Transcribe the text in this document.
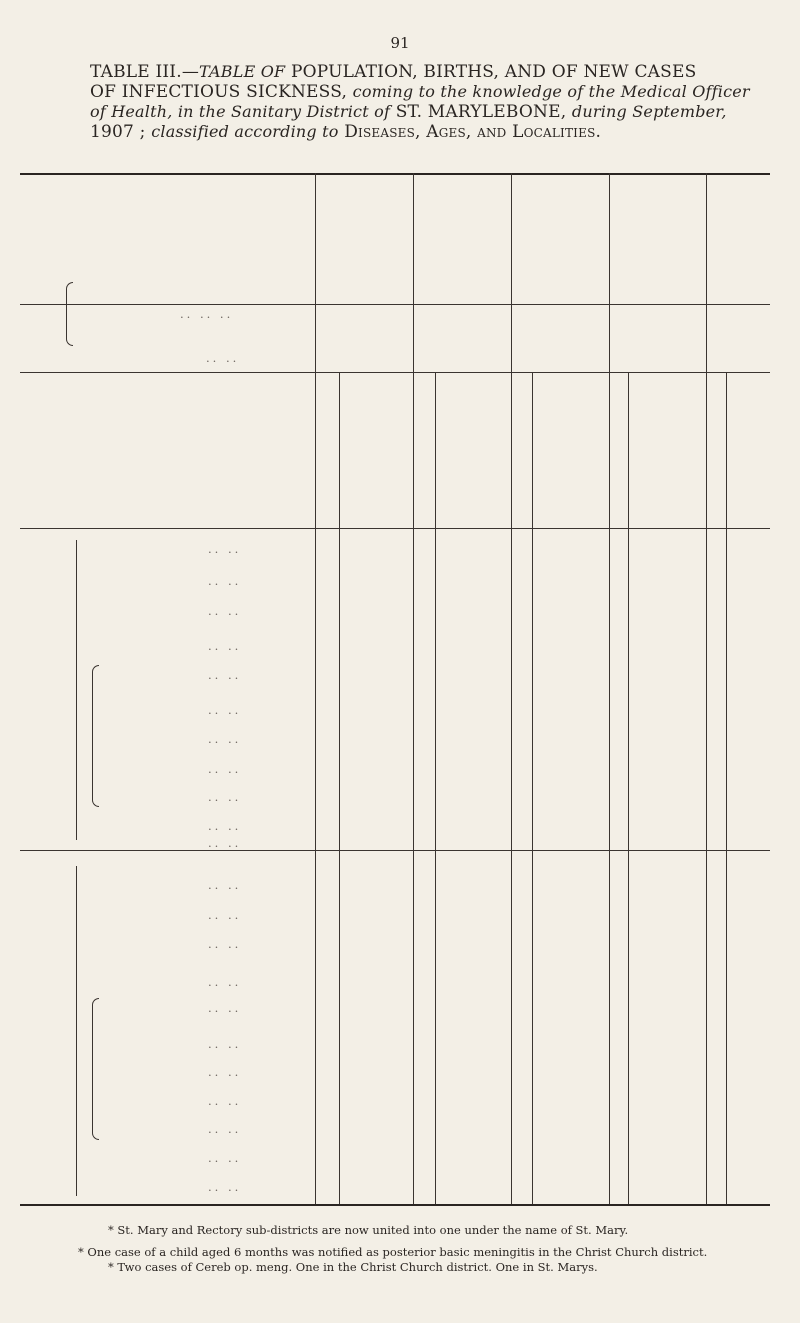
91
TABLE III.—TABLE OF POPULATION, BIRTHS, AND OF NEW CASES
OF INFECTIOUS SICKNESS, coming to the knowledge of the Medical Officer
of Health, in the Sanitary District of ST. MARYLEBONE, during September,
1907 ; classified according to Diseases, Ages, and Localities.
.. .. ..
.. ..
.. ..
.. ..
.. ..
.. ..
.. ..
.. ..
.. ..
.. ..
.. ..
.. ..
.. ..
.. ..
.. ..
.. ..
.. ..
.. ..
.. ..
.. ..
.. ..
.. ..
.. ..
.. ..
* St. Mary and Rectory sub-districts are now united into one under the name of St. Mary.
* One case of a child aged 6 months was notified as posterior basic meningitis in the Christ Church district.
* Two cases of Cereb op. meng. One in the Christ Church district. One in St. Marys.
